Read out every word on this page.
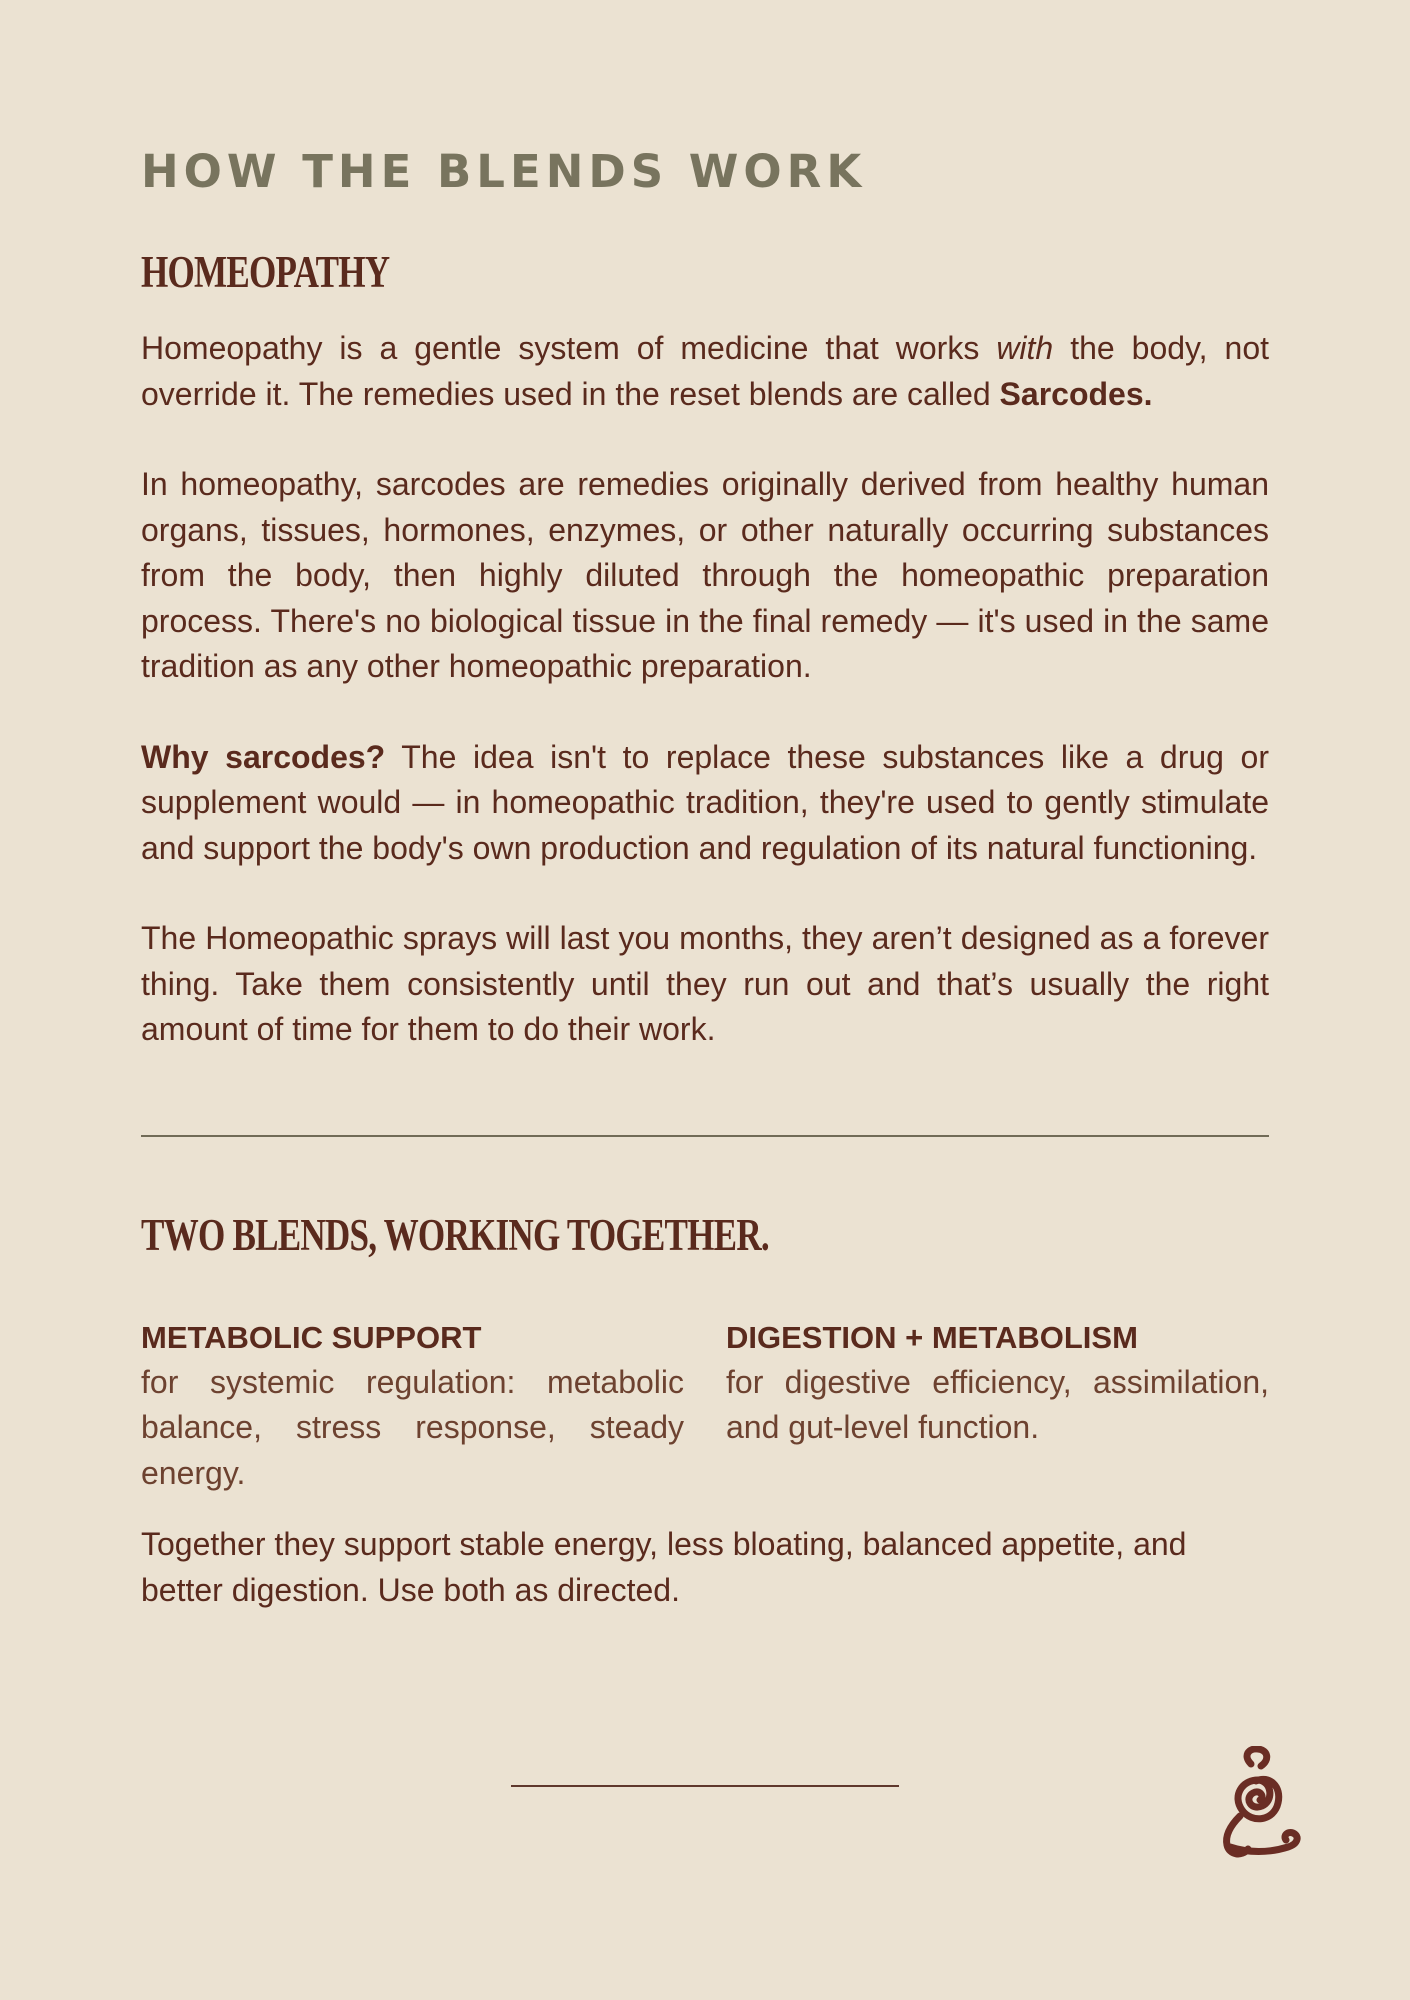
HOW THE BLENDS WORK
HOMEOPATHY

Homeopathy is a gentle system of medicine that works with the body, not override it. The remedies used in the reset blends are called Sarcodes.

In homeopathy, sarcodes are remedies originally derived from healthy human organs, tissues, hormones, enzymes, or other naturally occurring substances from the body, then highly diluted through the homeopathic preparation process. There's no biological tissue in the final remedy — it's used in the same tradition as any other homeopathic preparation.

Why sarcodes? The idea isn't to replace these substances like a drug or supplement would — in homeopathic tradition, they're used to gently stimulate and support the body's own production and regulation of its natural functioning.

The Homeopathic sprays will last you months, they aren’t designed as a forever thing. Take them consistently until they run out and that’s usually the right amount of time for them to do their work.

TWO BLENDS, WORKING TOGETHER.
METABOLIC SUPPORT

for systemic regulation: metabolic balance, stress response, steady energy.

DIGESTION + METABOLISM

for digestive efficiency, assimilation, and gut-level function.

Together they support stable energy, less bloating, balanced appetite, and better digestion. Use both as directed.
